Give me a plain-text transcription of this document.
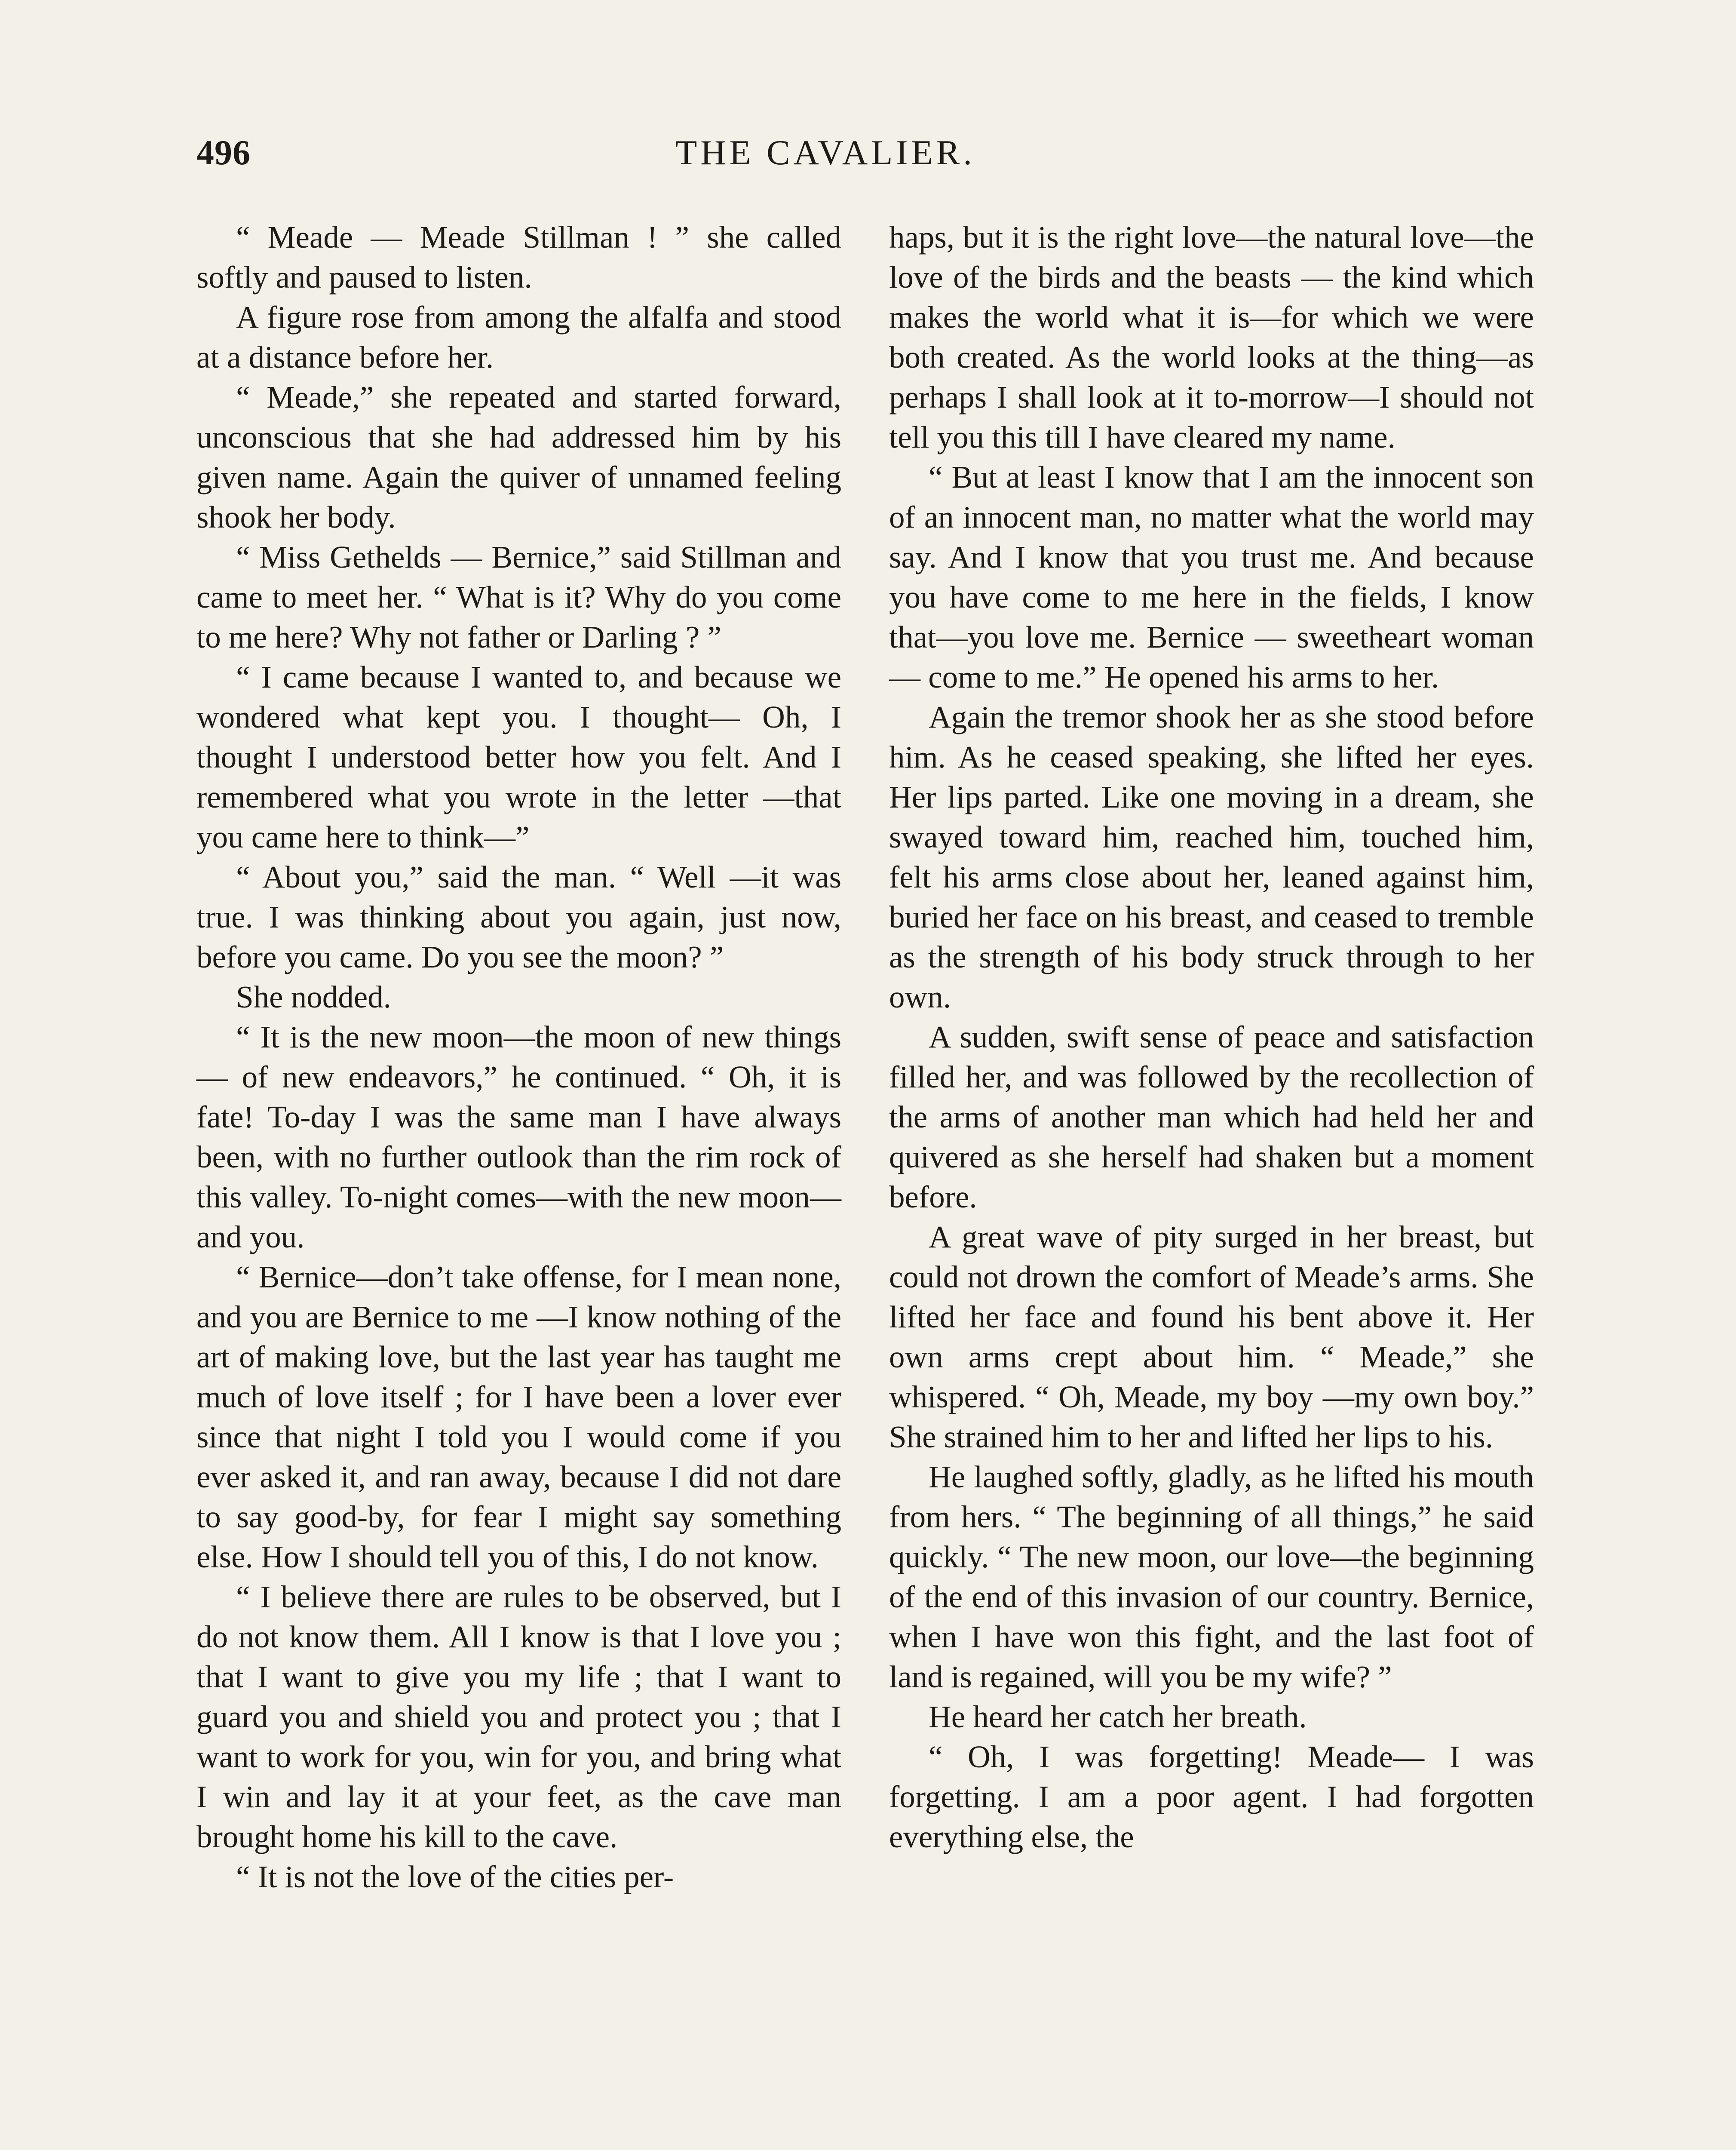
496	THE CAVALIER.

“ Meade — Meade Stillman ! ” she called softly and paused to listen.

A figure rose from among the alfalfa and stood at a distance before her.

“ Meade,” she repeated and started forward, unconscious that she had addressed him by his given name. Again the quiver of unnamed feeling shook her body.

“ Miss Gethelds — Bernice,” said Stillman and came to meet her. “ What is it? Why do you come to me here? Why not father or Darling ? ”

“ I came because I wanted to, and because we wondered what kept you. I thought— Oh, I thought I understood better how you felt. And I remembered what you wrote in the letter —that you came here to think—”

“ About you,” said the man. “ Well —it was true. I was thinking about you again, just now, before you came. Do you see the moon? ”

She nodded.

“ It is the new moon—the moon of new things — of new endeavors,” he continued. “ Oh, it is fate! To-day I was the same man I have always been, with no further outlook than the rim rock of this valley. To-night comes—with the new moon—and you.

“ Bernice—don’t take offense, for I mean none, and you are Bernice to me —I know nothing of the art of making love, but the last year has taught me much of love itself ; for I have been a lover ever since that night I told you I would come if you ever asked it, and ran away, because I did not dare to say good-by, for fear I might say something else. How I should tell you of this, I do not know.

“ I believe there are rules to be observed, but I do not know them. All I know is that I love you ; that I want to give you my life ; that I want to guard you and shield you and protect you ; that I want to work for you, win for you, and bring what I win and lay it at your feet, as the cave man brought home his kill to the cave.

“ It is not the love of the cities per-

haps, but it is the right love—the natural love—the love of the birds and the beasts — the kind which makes the world what it is—for which we were both created. As the world looks at the thing—as perhaps I shall look at it to-morrow—I should not tell you this till I have cleared my name.

“ But at least I know that I am the innocent son of an innocent man, no matter what the world may say. And I know that you trust me. And because you have come to me here in the fields, I know that—you love me. Bernice — sweetheart woman — come to me.” He opened his arms to her.

Again the tremor shook her as she stood before him. As he ceased speaking, she lifted her eyes. Her lips parted. Like one moving in a dream, she swayed toward him, reached him, touched him, felt his arms close about her, leaned against him, buried her face on his breast, and ceased to tremble as the strength of his body struck through to her own.

A sudden, swift sense of peace and satisfaction filled her, and was followed by the recollection of the arms of another man which had held her and quivered as she herself had shaken but a moment before.

A great wave of pity surged in her breast, but could not drown the comfort of Meade’s arms. She lifted her face and found his bent above it. Her own arms crept about him. “ Meade,” she whispered. “ Oh, Meade, my boy —my own boy.” She strained him to her and lifted her lips to his.

He laughed softly, gladly, as he lifted his mouth from hers. “ The beginning of all things,” he said quickly. “ The new moon, our love—the beginning of the end of this invasion of our country. Bernice, when I have won this fight, and the last foot of land is regained, will you be my wife? ”

He heard her catch her breath.

“ Oh, I was forgetting! Meade— I was forgetting. I am a poor agent. I had forgotten everything else, the
